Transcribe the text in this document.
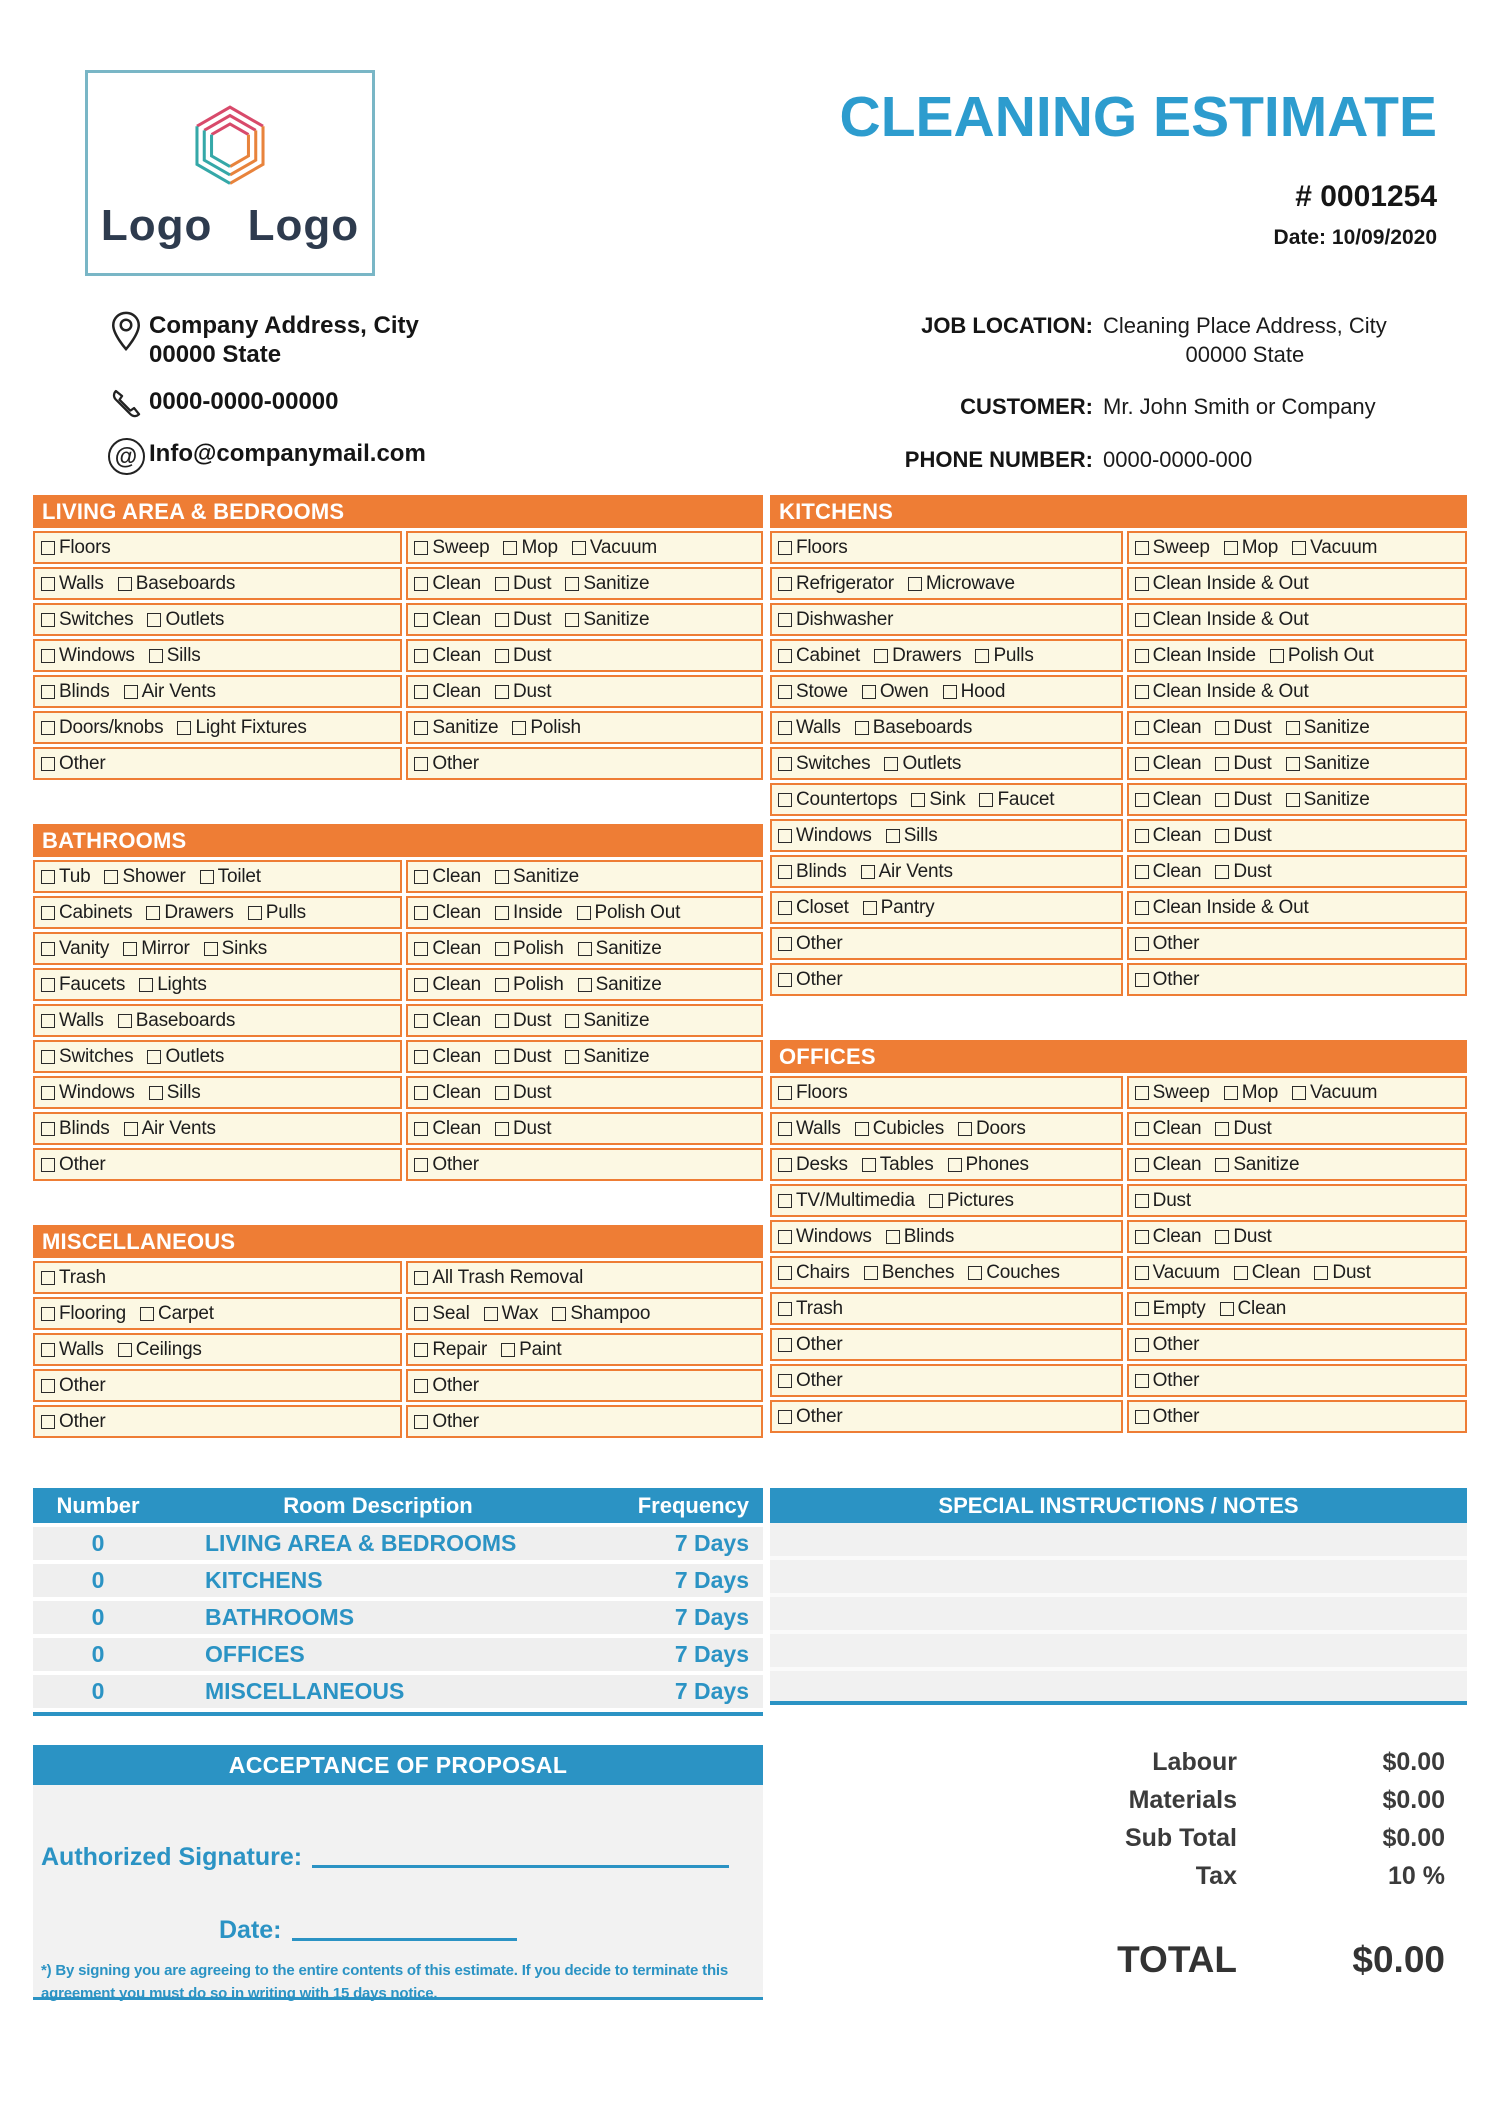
Logo Logo
Company Address, City
00000 State
0000-0000-00000
@ Info@companymail.com
CLEANING ESTIMATE
# 0001254
Date: 10/09/2020
JOB LOCATION: Cleaning Place Address, City
00000 State
CUSTOMER: Mr. John Smith or Company
PHONE NUMBER: 0000-0000-000
LIVING AREA & BEDROOMS
Floors	Sweep Mop Vacuum
Walls Baseboards	Clean Dust Sanitize
Switches Outlets	Clean Dust Sanitize
Windows Sills	Clean Dust
Blinds Air Vents	Clean Dust
Doors/knobs Light Fixtures	Sanitize Polish
Other	Other
BATHROOMS
Tub Shower Toilet	Clean Sanitize
Cabinets Drawers Pulls	Clean Inside Polish Out
Vanity Mirror Sinks	Clean Polish Sanitize
Faucets Lights	Clean Polish Sanitize
Walls Baseboards	Clean Dust Sanitize
Switches Outlets	Clean Dust Sanitize
Windows Sills	Clean Dust
Blinds Air Vents	Clean Dust
Other	Other
MISCELLANEOUS
Trash	All Trash Removal
Flooring Carpet	Seal Wax Shampoo
Walls Ceilings	Repair Paint
Other	Other
Other	Other
KITCHENS
Floors	Sweep Mop Vacuum
Refrigerator Microwave	Clean Inside & Out
Dishwasher	Clean Inside & Out
Cabinet Drawers Pulls	Clean Inside Polish Out
Stowe Owen Hood	Clean Inside & Out
Walls Baseboards	Clean Dust Sanitize
Switches Outlets	Clean Dust Sanitize
Countertops Sink Faucet	Clean Dust Sanitize
Windows Sills	Clean Dust
Blinds Air Vents	Clean Dust
Closet Pantry	Clean Inside & Out
Other	Other
Other	Other
OFFICES
Floors	Sweep Mop Vacuum
Walls Cubicles Doors	Clean Dust
Desks Tables Phones	Clean Sanitize
TV/Multimedia Pictures	Dust
Windows Blinds	Clean Dust
Chairs Benches Couches	Vacuum Clean Dust
Trash	Empty Clean
Other	Other
Other	Other
Other	Other
Number	Room Description	Frequency
0	LIVING AREA & BEDROOMS	7 Days
0	KITCHENS	7 Days
0	BATHROOMS	7 Days
0	OFFICES	7 Days
0	MISCELLANEOUS	7 Days
SPECIAL INSTRUCTIONS / NOTES
ACCEPTANCE OF PROPOSAL
Authorized Signature:
Date:
*) By signing you are agreeing to the entire contents of this estimate. If you decide to terminate this agreement you must do so in writing with 15 days notice.
Labour	$0.00
Materials	$0.00
Sub Total	$0.00
Tax	10 %
TOTAL	$0.00
